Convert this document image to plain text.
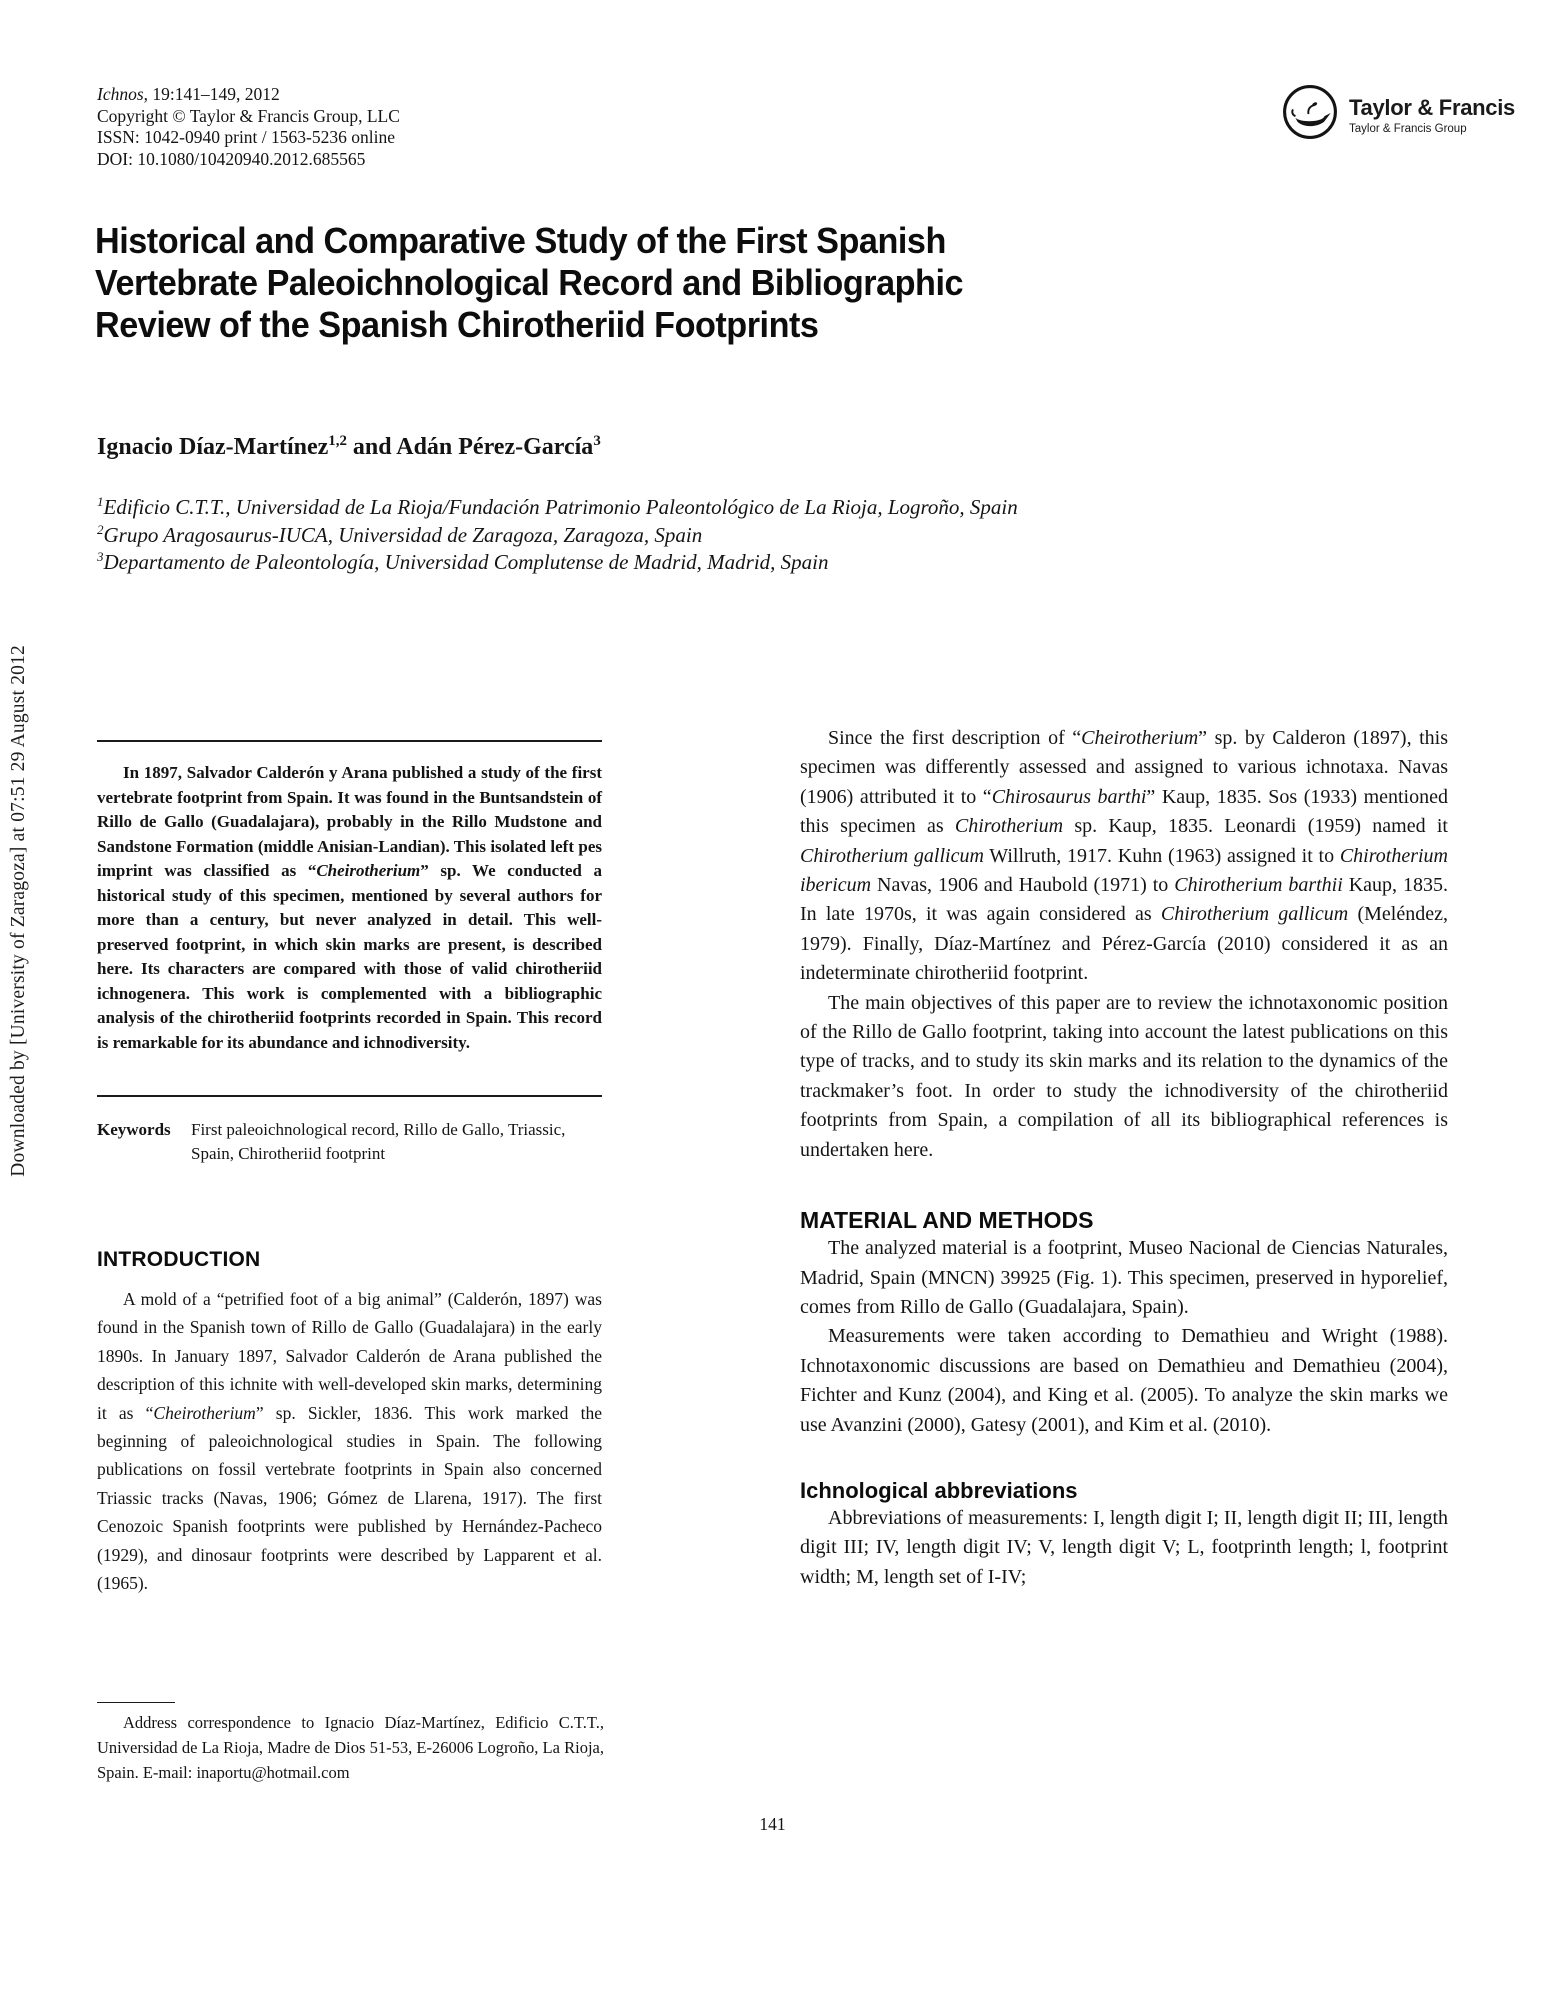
Downloaded by [University of Zaragoza] at 07:51 29 August 2012
Ichnos, 19:141–149, 2012
Copyright © Taylor & Francis Group, LLC
ISSN: 1042-0940 print / 1563-5236 online
DOI: 10.1080/10420940.2012.685565
Taylor & Francis
Taylor & Francis Group
Historical and Comparative Study of the First Spanish
Vertebrate Paleoichnological Record and Bibliographic
Review of the Spanish Chirotheriid Footprints
Ignacio Díaz-Martínez$^{1,2}$ and Adán Pérez-García$^3$

$^1$Edificio C.T.T., Universidad de La Rioja/Fundación Patrimonio Paleontológico de La Rioja, Logroño, Spain

$^2$Grupo Aragosaurus-IUCA, Universidad de Zaragoza, Zaragoza, Spain

$^3$Departamento de Paleontología, Universidad Complutense de Madrid, Madrid, Spain

In 1897, Salvador Calderón y Arana published a study of the first vertebrate footprint from Spain. It was found in the Buntsandstein of Rillo de Gallo (Guadalajara), probably in the Rillo Mudstone and Sandstone Formation (middle Anisian-Landian). This isolated left pes imprint was classified as “Cheirotherium” sp. We conducted a historical study of this specimen, mentioned by several authors for more than a century, but never analyzed in detail. This well-preserved footprint, in which skin marks are present, is described here. Its characters are compared with those of valid chirotheriid ichnogenera. This work is complemented with a bibliographic analysis of the chirotheriid footprints recorded in Spain. This record is remarkable for its abundance and ichnodiversity.

Keywords	First paleoichnological record, Rillo de Gallo, Triassic, Spain, Chirotheriid footprint
INTRODUCTION

A mold of a “petrified foot of a big animal” (Calderón, 1897) was found in the Spanish town of Rillo de Gallo (Guadalajara) in the early 1890s. In January 1897, Salvador Calderón de Arana published the description of this ichnite with well-developed skin marks, determining it as “Cheirotherium” sp. Sickler, 1836. This work marked the beginning of paleoichnological studies in Spain. The following publications on fossil vertebrate footprints in Spain also concerned Triassic tracks (Navas, 1906; Gómez de Llarena, 1917). The first Cenozoic Spanish footprints were published by Hernández-Pacheco (1929), and dinosaur footprints were described by Lapparent et al. (1965).

Address correspondence to Ignacio Díaz-Martínez, Edificio C.T.T., Universidad de La Rioja, Madre de Dios 51-53, E-26006 Logroño, La Rioja, Spain. E-mail: inaportu@hotmail.com

Since the first description of “Cheirotherium” sp. by Calderon (1897), this specimen was differently assessed and assigned to various ichnotaxa. Navas (1906) attributed it to “Chirosaurus barthi” Kaup, 1835. Sos (1933) mentioned this specimen as Chirotherium sp. Kaup, 1835. Leonardi (1959) named it Chirotherium gallicum Willruth, 1917. Kuhn (1963) assigned it to Chirotherium ibericum Navas, 1906 and Haubold (1971) to Chirotherium barthii Kaup, 1835. In late 1970s, it was again considered as Chirotherium gallicum (Meléndez, 1979). Finally, Díaz-Martínez and Pérez-García (2010) considered it as an indeterminate chirotheriid footprint.

The main objectives of this paper are to review the ichnotaxonomic position of the Rillo de Gallo footprint, taking into account the latest publications on this type of tracks, and to study its skin marks and its relation to the dynamics of the trackmaker’s foot. In order to study the ichnodiversity of the chirotheriid footprints from Spain, a compilation of all its bibliographical references is undertaken here.

MATERIAL AND METHODS

The analyzed material is a footprint, Museo Nacional de Ciencias Naturales, Madrid, Spain (MNCN) 39925 (Fig. 1). This specimen, preserved in hyporelief, comes from Rillo de Gallo (Guadalajara, Spain).

Measurements were taken according to Demathieu and Wright (1988). Ichnotaxonomic discussions are based on Demathieu and Demathieu (2004), Fichter and Kunz (2004), and King et al. (2005). To analyze the skin marks we use Avanzini (2000), Gatesy (2001), and Kim et al. (2010).

Ichnological abbreviations

Abbreviations of measurements: I, length digit I; II, length digit II; III, length digit III; IV, length digit IV; V, length digit V; L, footprinth length; l, footprint width; M, length set of I-IV;

141
